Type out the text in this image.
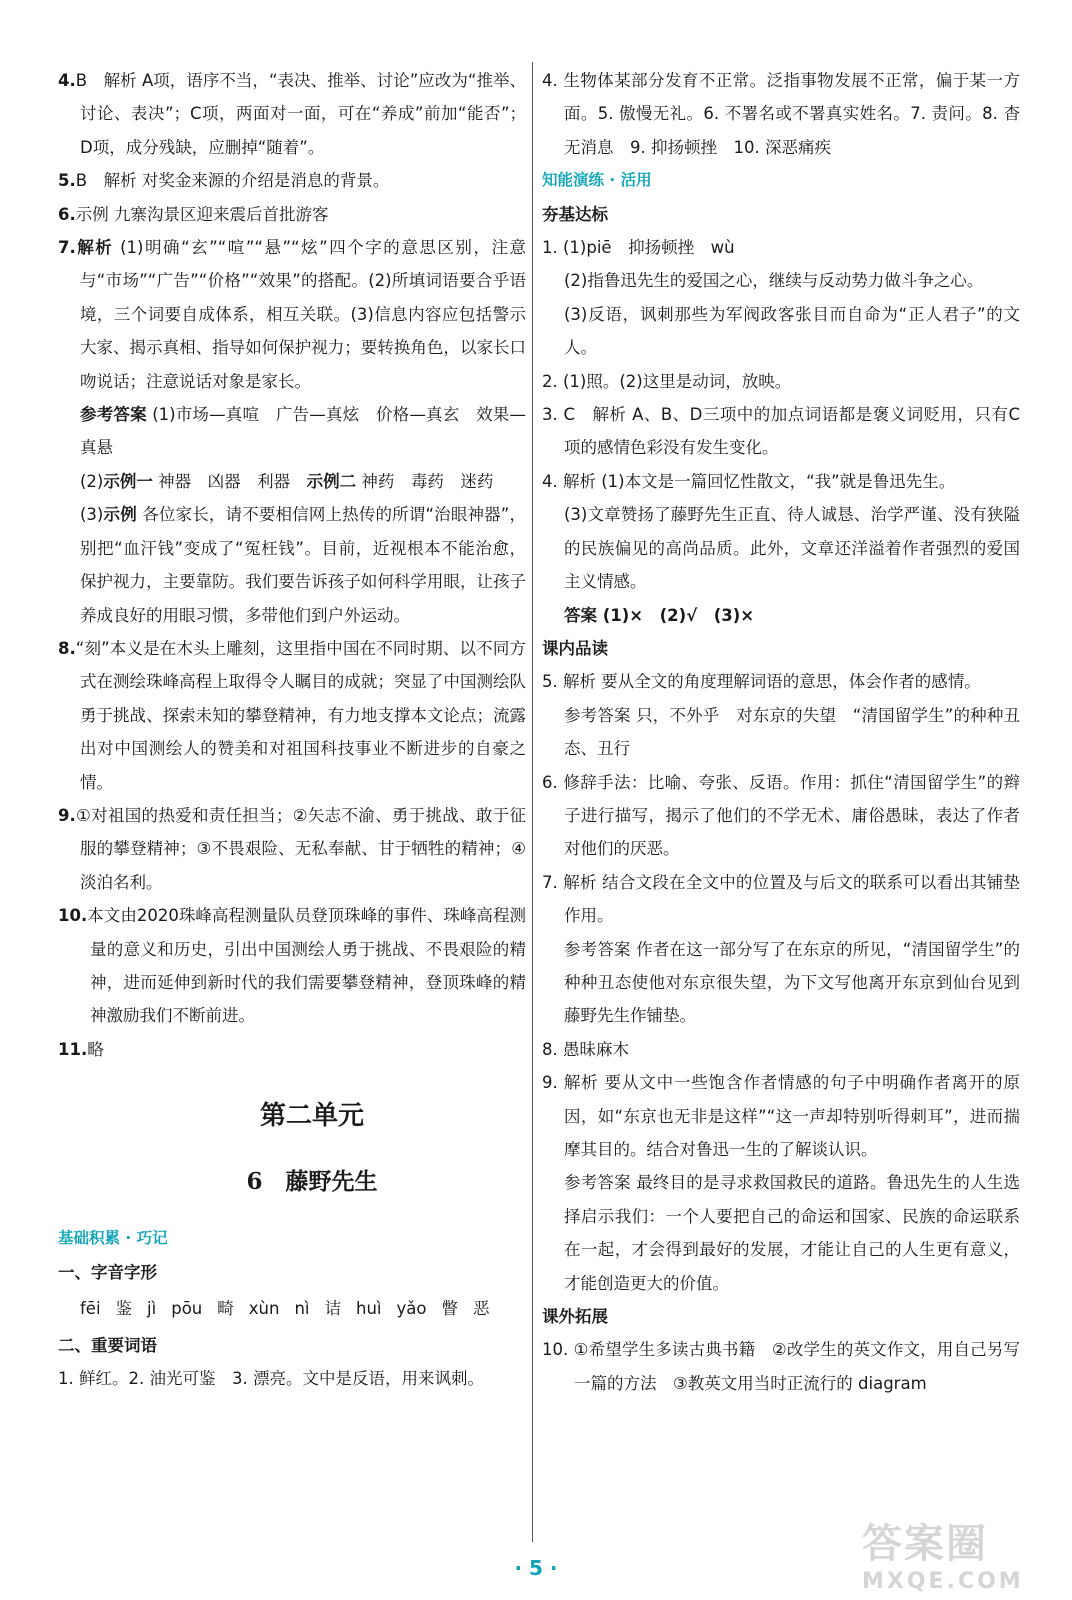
4.B　解析 A项，语序不当，“表决、推举、讨论”应改为“推举、讨论、表决”；C项，两面对一面，可在“养成”前加“能否”；D项，成分残缺，应删掉“随着”。

5.B　解析 对奖金来源的介绍是消息的背景。

6.示例 九寨沟景区迎来震后首批游客

7.解析 (1)明确“玄”“喧”“悬”“炫”四个字的意思区别，注意与“市场”“广告”“价格”“效果”的搭配。(2)所填词语要合乎语境，三个词要自成体系，相互关联。(3)信息内容应包括警示大家、揭示真相、指导如何保护视力；要转换角色，以家长口吻说话；注意说话对象是家长。

参考答案 (1)市场—真喧　广告—真炫　价格—真玄　效果—真悬

(2)示例一 神器　凶器　利器　 示例二 神药　毒药　迷药

(3)示例 各位家长，请不要相信网上热传的所谓“治眼神器”，别把“血汗钱”变成了“冤枉钱”。目前，近视根本不能治愈，保护视力，主要靠防。我们要告诉孩子如何科学用眼，让孩子养成良好的用眼习惯，多带他们到户外运动。

8.“刻”本义是在木头上雕刻，这里指中国在不同时期、以不同方式在测绘珠峰高程上取得令人瞩目的成就；突显了中国测绘队勇于挑战、探索未知的攀登精神，有力地支撑本文论点；流露出对中国测绘人的赞美和对祖国科技事业不断进步的自豪之情。

9.①对祖国的热爱和责任担当；②矢志不渝、勇于挑战、敢于征服的攀登精神；③不畏艰险、无私奉献、甘于牺牲的精神；④淡泊名利。

10.本文由2020珠峰高程测量队员登顶珠峰的事件、珠峰高程测量的意义和历史，引出中国测绘人勇于挑战、不畏艰险的精神，进而延伸到新时代的我们需要攀登精神，登顶珠峰的精神激励我们不断前进。

11.略

第二单元
6　藤野先生

基础积累 · 巧记

一、字音字形

fēi 鉴 jì pōu 畸 xùn nì 诘 huì yǎo 瞥 恶

二、重要词语

1. 鲜红。2. 油光可鉴　3. 漂亮。文中是反语，用来讽刺。

4. 生物体某部分发育不正常。泛指事物发展不正常，偏于某一方面。5. 傲慢无礼。6. 不署名或不署真实姓名。7. 责问。8. 杳无消息　9. 抑扬顿挫　10. 深恶痛疾

知能演练 · 活用

夯基达标

1. (1)piē　抑扬顿挫　wù

(2)指鲁迅先生的爱国之心，继续与反动势力做斗争之心。

(3)反语，讽刺那些为军阀政客张目而自命为“正人君子”的文人。

2. (1)照。(2)这里是动词，放映。

3. C　解析 A、B、D三项中的加点词语都是褒义词贬用，只有C项的感情色彩没有发生变化。

4. 解析 (1)本文是一篇回忆性散文，“我”就是鲁迅先生。

(3)文章赞扬了藤野先生正直、待人诚恳、治学严谨、没有狭隘的民族偏见的高尚品质。此外，文章还洋溢着作者强烈的爱国主义情感。

答案 (1)×　(2)√　(3)×

课内品读

5. 解析 要从全文的角度理解词语的意思，体会作者的感情。

参考答案 只，不外乎　对东京的失望　“清国留学生”的种种丑态、丑行

6. 修辞手法：比喻、夸张、反语。作用：抓住“清国留学生”的辫子进行描写，揭示了他们的不学无术、庸俗愚昧，表达了作者对他们的厌恶。

7. 解析 结合文段在全文中的位置及与后文的联系可以看出其铺垫作用。

参考答案 作者在这一部分写了在东京的所见，“清国留学生”的种种丑态使他对东京很失望，为下文写他离开东京到仙台见到藤野先生作铺垫。

8. 愚昧麻木

9. 解析 要从文中一些饱含作者情感的句子中明确作者离开的原因，如“东京也无非是这样”“这一声却特别听得刺耳”，进而揣摩其目的。结合对鲁迅一生的了解谈认识。

参考答案 最终目的是寻求救国救民的道路。鲁迅先生的人生选择启示我们：一个人要把自己的命运和国家、民族的命运联系在一起，才会得到最好的发展，才能让自己的人生更有意义，才能创造更大的价值。

课外拓展

10. ①希望学生多读古典书籍　②改学生的英文作文，用自己另写一篇的方法　③教英文用当时正流行的 diagram

· 5 ·
答案圈
MXQE.COM
